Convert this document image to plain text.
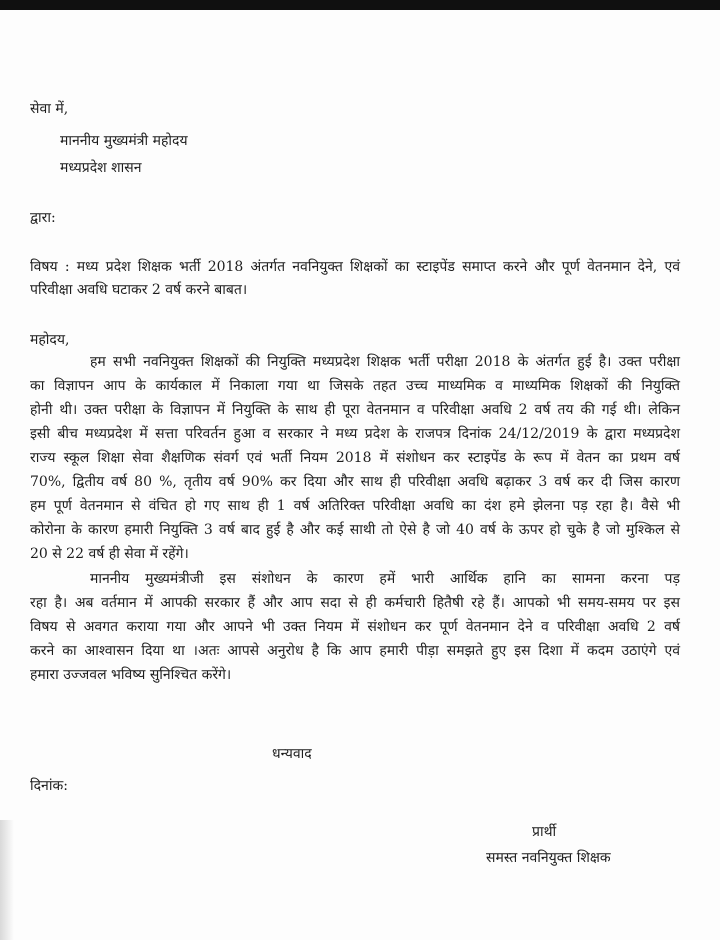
सेवा में,
माननीय मुख्यमंत्री महोदय
मध्यप्रदेश शासन
द्वारा:
विषय : मध्य प्रदेश शिक्षक भर्ती 2018 अंतर्गत नवनियुक्त शिक्षकों का स्टाइपेंड समाप्त करने और पूर्ण वेतनमान देने, एवं
परिवीक्षा अवधि घटाकर 2 वर्ष करने बाबत।
महोदय,
हम सभी नवनियुक्त शिक्षकों की नियुक्ति मध्यप्रदेश शिक्षक भर्ती परीक्षा 2018 के अंतर्गत हुई है। उक्त परीक्षा
का विज्ञापन आप के कार्यकाल में निकाला गया था जिसके तहत उच्च माध्यमिक व माध्यमिक शिक्षकों की नियुक्ति
होनी थी। उक्त परीक्षा के विज्ञापन में नियुक्ति के साथ ही पूरा वेतनमान व परिवीक्षा अवधि 2 वर्ष तय की गई थी। लेकिन
इसी बीच मध्यप्रदेश में सत्ता परिवर्तन हुआ व सरकार ने मध्य प्रदेश के राजपत्र दिनांक 24/12/2019 के द्वारा मध्यप्रदेश
राज्य स्कूल शिक्षा सेवा शैक्षणिक संवर्ग एवं भर्ती नियम 2018 में संशोधन कर स्टाइपेंड के रूप में वेतन का प्रथम वर्ष
70%, द्वितीय वर्ष 80 %, तृतीय वर्ष 90% कर दिया और साथ ही परिवीक्षा अवधि बढ़ाकर 3 वर्ष कर दी जिस कारण
हम पूर्ण वेतनमान से वंचित हो गए साथ ही 1 वर्ष अतिरिक्त परिवीक्षा अवधि का दंश हमे झेलना पड़ रहा है। वैसे भी
कोरोना के कारण हमारी नियुक्ति 3 वर्ष बाद हुई है और कई साथी तो ऐसे है जो 40 वर्ष के ऊपर हो चुके है जो मुश्किल से
20 से 22 वर्ष ही सेवा में रहेंगे।
माननीय मुख्यमंत्रीजी इस संशोधन के कारण हमें भारी आर्थिक हानि का सामना करना पड़
रहा है। अब वर्तमान में आपकी सरकार हैं और आप सदा से ही कर्मचारी हितैषी रहे हैं। आपको भी समय-समय पर इस
विषय से अवगत कराया गया और आपने भी उक्त नियम में संशोधन कर पूर्ण वेतनमान देने व परिवीक्षा अवधि 2 वर्ष
करने का आश्वासन दिया था ।अतः आपसे अनुरोध है कि आप हमारी पीड़ा समझते हुए इस दिशा में कदम उठाएंगे एवं
हमारा उज्जवल भविष्य सुनिश्चित करेंगे।
धन्यवाद
दिनांक:
प्रार्थी
समस्त नवनियुक्त शिक्षक
